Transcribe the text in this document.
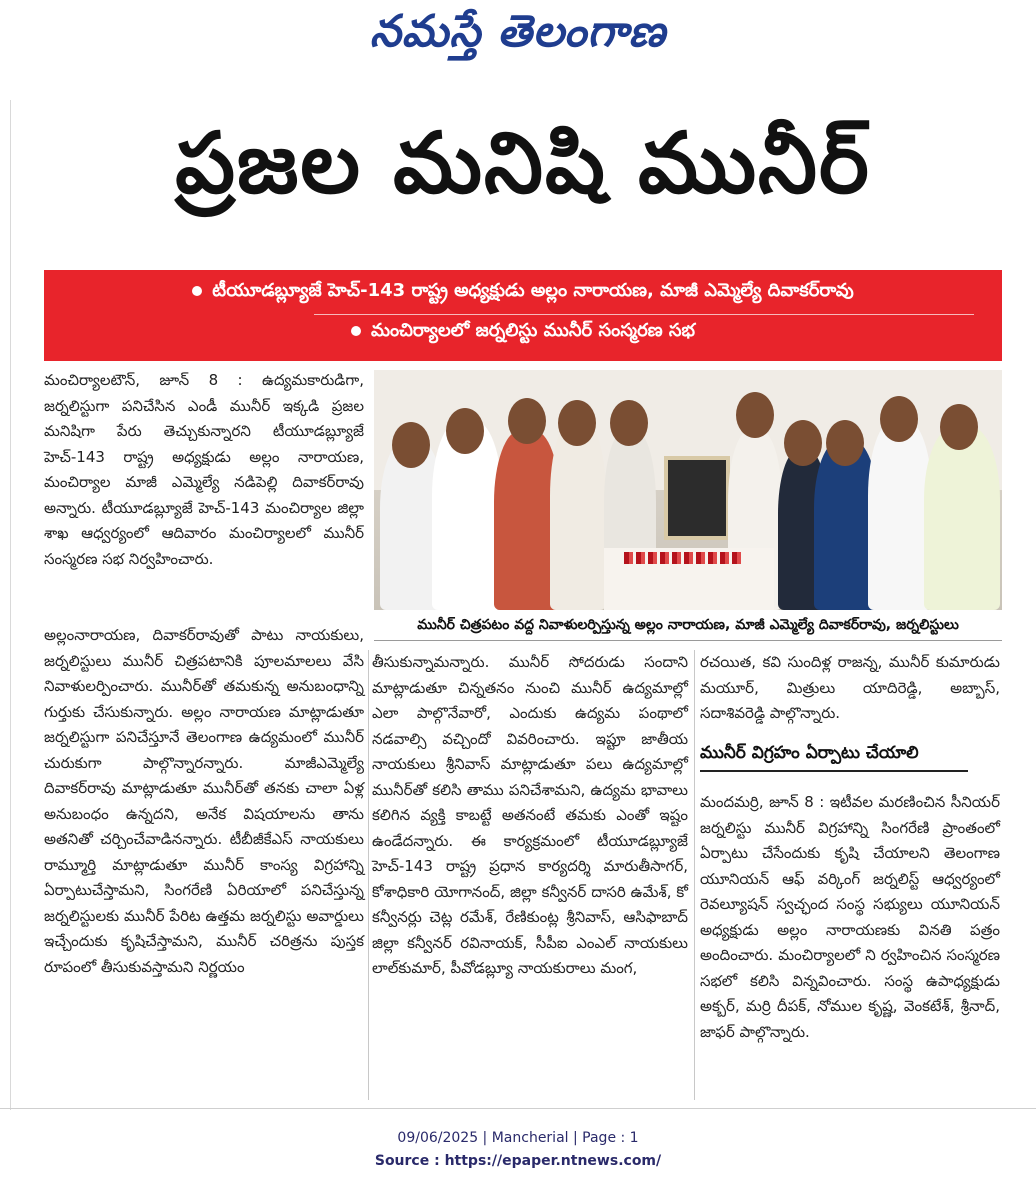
నమస్తే తెలంగాణ
ప్రజల మనిషి మునీర్
టీయూడబ్ల్యూజే హెచ్-143 రాష్ట్ర అధ్యక్షుడు అల్లం నారాయణ, మాజీ ఎమ్మెల్యే దివాకర్‌రావు
మంచిర్యాలలో జర్నలిస్టు మునీర్ సంస్మరణ సభ

మంచిర్యాలటౌన్, జూన్ 8 : ఉద్యమకారుడిగా, జర్నలిస్టుగా పనిచేసిన ఎండీ మునీర్ ఇక్కడి ప్రజల మనిషిగా పేరు తెచ్చుకున్నారని టీయూడబ్ల్యూజే హెచ్-143 రాష్ట్ర అధ్యక్షుడు అల్లం నారాయణ, మంచిర్యాల మాజీ ఎమ్మెల్యే నడిపెల్లి దివాకర్‌రావు అన్నారు. టీయూడబ్ల్యూజే హెచ్-143 మంచిర్యాల జిల్లా శాఖ ఆధ్వర్యంలో ఆదివారం మంచిర్యాలలో మునీర్ సంస్మరణ సభ నిర్వహించారు.

అల్లంనారాయణ, దివాకర్‌రావుతో పాటు నాయకులు, జర్నలిస్టులు మునీర్ చిత్రపటానికి పూలమాలలు వేసి నివాళులర్పించారు. మునీర్‌తో తమకున్న అనుబంధాన్ని గుర్తుకు చేసుకున్నారు. అల్లం నారాయణ మాట్లాడుతూ జర్నలిస్టుగా పనిచేస్తూనే తెలంగాణ ఉద్యమంలో మునీర్ చురుకుగా పాల్గొన్నారన్నారు. మాజీఎమ్మెల్యే దివాకర్‌రావు మాట్లాడుతూ మునీర్‌తో తనకు చాలా ఏళ్ల అనుబంధం ఉన్నదని, అనేక విషయాలను తాను అతనితో చర్చించేవాడినన్నారు. టీబీజీకేఎస్ నాయకులు రామ్మూర్తి మాట్లాడుతూ మునీర్ కాంస్య విగ్రహాన్ని ఏర్పాటుచేస్తామని, సింగరేణి ఏరియాలో పనిచేస్తున్న జర్నలిస్టులకు మునీర్ పేరిట ఉత్తమ జర్నలిస్టు అవార్డులు ఇచ్చేందుకు కృషిచేస్తామని, మునీర్ చరిత్రను పుస్తక రూపంలో తీసుకువస్తామని నిర్ణయం

మునీర్ చిత్రపటం వద్ద నివాళులర్పిస్తున్న అల్లం నారాయణ, మాజీ ఎమ్మెల్యే దివాకర్‌రావు, జర్నలిస్టులు

తీసుకున్నామన్నారు. మునీర్ సోదరుడు సందాని మాట్లాడుతూ చిన్నతనం నుంచి మునీర్ ఉద్యమాల్లో ఎలా పాల్గొనేవారో, ఎందుకు ఉద్యమ పంథాలో నడవాల్సి వచ్చిందో వివరించారు. ఇప్టూ జాతీయ నాయకులు శ్రీనివాస్ మాట్లాడుతూ పలు ఉద్యమాల్లో మునీర్‌తో కలిసి తాము పనిచేశామని, ఉద్యమ భావాలు కలిగిన వ్యక్తి కాబట్టే అతనంటే తమకు ఎంతో ఇష్టం ఉండేదన్నారు. ఈ కార్యక్రమంలో టీయూడబ్ల్యూజే హెచ్-143 రాష్ట్ర ప్రధాన కార్యదర్శి మారుతీసాగర్, కోశాధికారి యోగానంద్, జిల్లా కన్వీనర్ దాసరి ఉమేశ్, కో కన్వీనర్లు చెట్ల రమేశ్, రేణికుంట్ల శ్రీనివాస్, ఆసిఫాబాద్ జిల్లా కన్వీనర్ రవినాయక్, సీపీఐ ఎంఎల్ నాయకులు లాల్‌కుమార్, పీవోడబ్ల్యూ నాయకురాలు మంగ,

రచయిత, కవి సుందిళ్ల రాజన్న, మునీర్ కుమారుడు మయూర్, మిత్రులు యాదిరెడ్డి, అబ్బాస్, సదాశివరెడ్డి పాల్గొన్నారు.

మునీర్ విగ్రహం ఏర్పాటు చేయాలి

మందమర్రి, జూన్ 8 : ఇటీవల మరణించిన సీనియర్ జర్నలిస్టు మునీర్ విగ్రహాన్ని సింగరేణి ప్రాంతంలో ఏర్పాటు చేసేందుకు కృషి చేయాలని తెలంగాణ యూనియన్ ఆఫ్ వర్కింగ్ జర్నలిస్ట్ ఆధ్వర్యంలో రెవల్యూషన్ స్వచ్ఛంద సంస్థ సభ్యులు యూనియన్ అధ్యక్షుడు అల్లం నారాయణకు వినతి పత్రం అందించారు. మంచిర్యాలలో ని ర్వహించిన సంస్మరణ సభలో కలిసి విన్నవించారు. సంస్థ ఉపాధ్యక్షుడు అక్బర్, మర్రి దీపక్, నోముల కృష్ణ, వెంకటేశ్, శ్రీనాద్, జాఫర్ పాల్గొన్నారు.

09/06/2025 | Mancherial | Page : 1
Source : https://epaper.ntnews.com/
